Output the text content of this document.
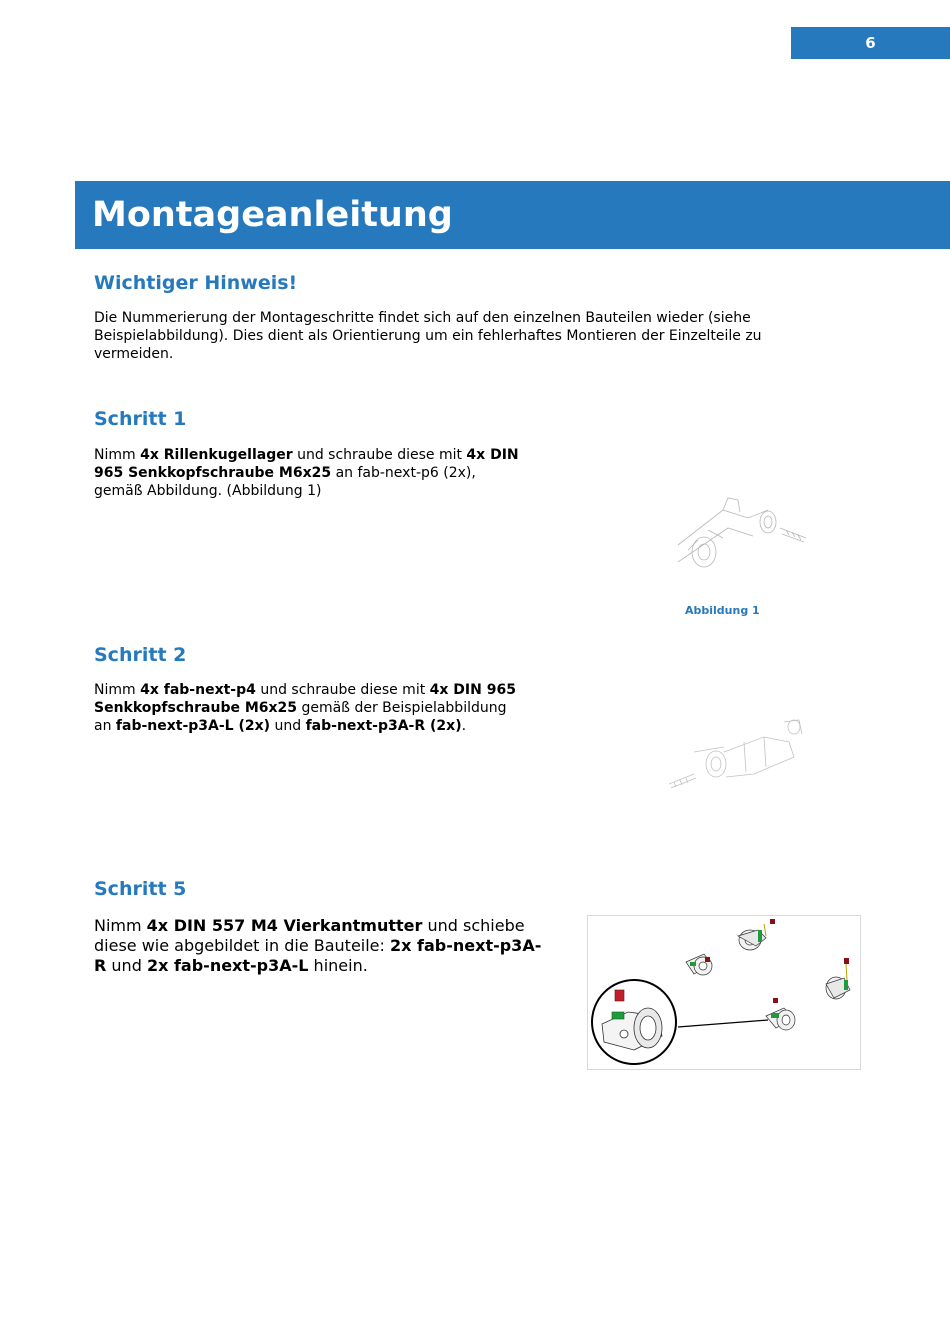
6
Montageanleitung
Wichtiger Hinweis!
Die Nummerierung der Montageschritte findet sich auf den einzelnen Bauteilen wieder (siehe
Beispielabbildung). Dies dient als Orientierung um ein fehlerhaftes Montieren der Einzelteile zu
vermeiden.
Schritt 1
Nimm 4x Rillenkugellager und schraube diese mit 4x DIN
965 Senkkopfschraube M6x25 an fab-next-p6 (2x),
gemäß Abbildung. (Abbildung 1)
Abbildung 1
Schritt 2
Nimm 4x fab-next-p4 und schraube diese mit 4x DIN 965
Senkkopfschraube M6x25 gemäß der Beispielabbildung
an fab-next-p3A-L (2x) und fab-next-p3A-R (2x).
Schritt 5
Nimm 4x DIN 557 M4 Vierkantmutter und schiebe
diese wie abgebildet in die Bauteile: 2x fab-next-p3A-
R und 2x fab-next-p3A-L hinein.
